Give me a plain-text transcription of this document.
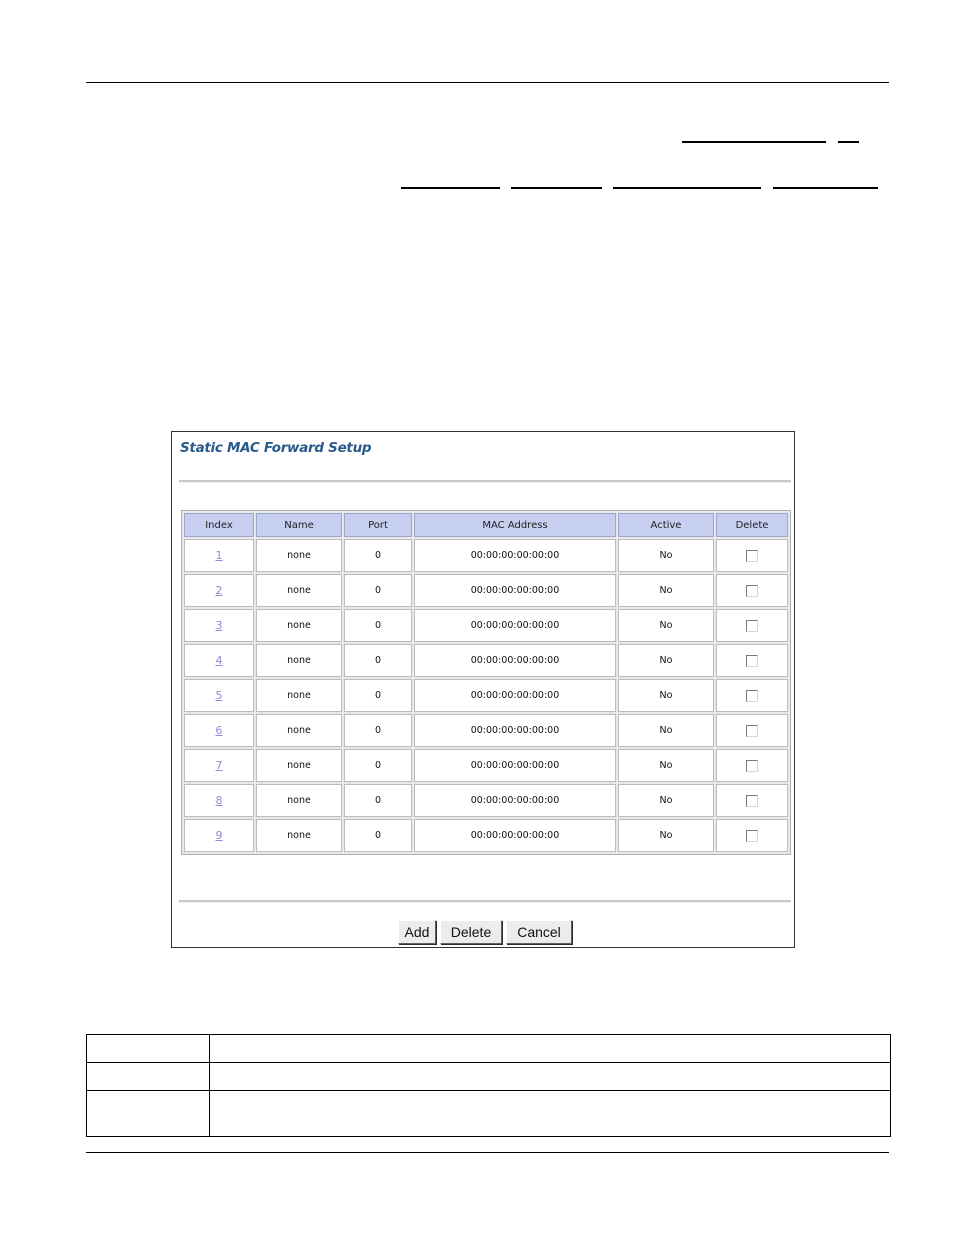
Static MAC Forward Setup
Index	Name	Port	MAC Address	Active	Delete
1	none	0	00:00:00:00:00:00	No	
2	none	0	00:00:00:00:00:00	No	
3	none	0	00:00:00:00:00:00	No	
4	none	0	00:00:00:00:00:00	No	
5	none	0	00:00:00:00:00:00	No	
6	none	0	00:00:00:00:00:00	No	
7	none	0	00:00:00:00:00:00	No	
8	none	0	00:00:00:00:00:00	No	
9	none	0	00:00:00:00:00:00	No	
Add	Delete	Cancel
